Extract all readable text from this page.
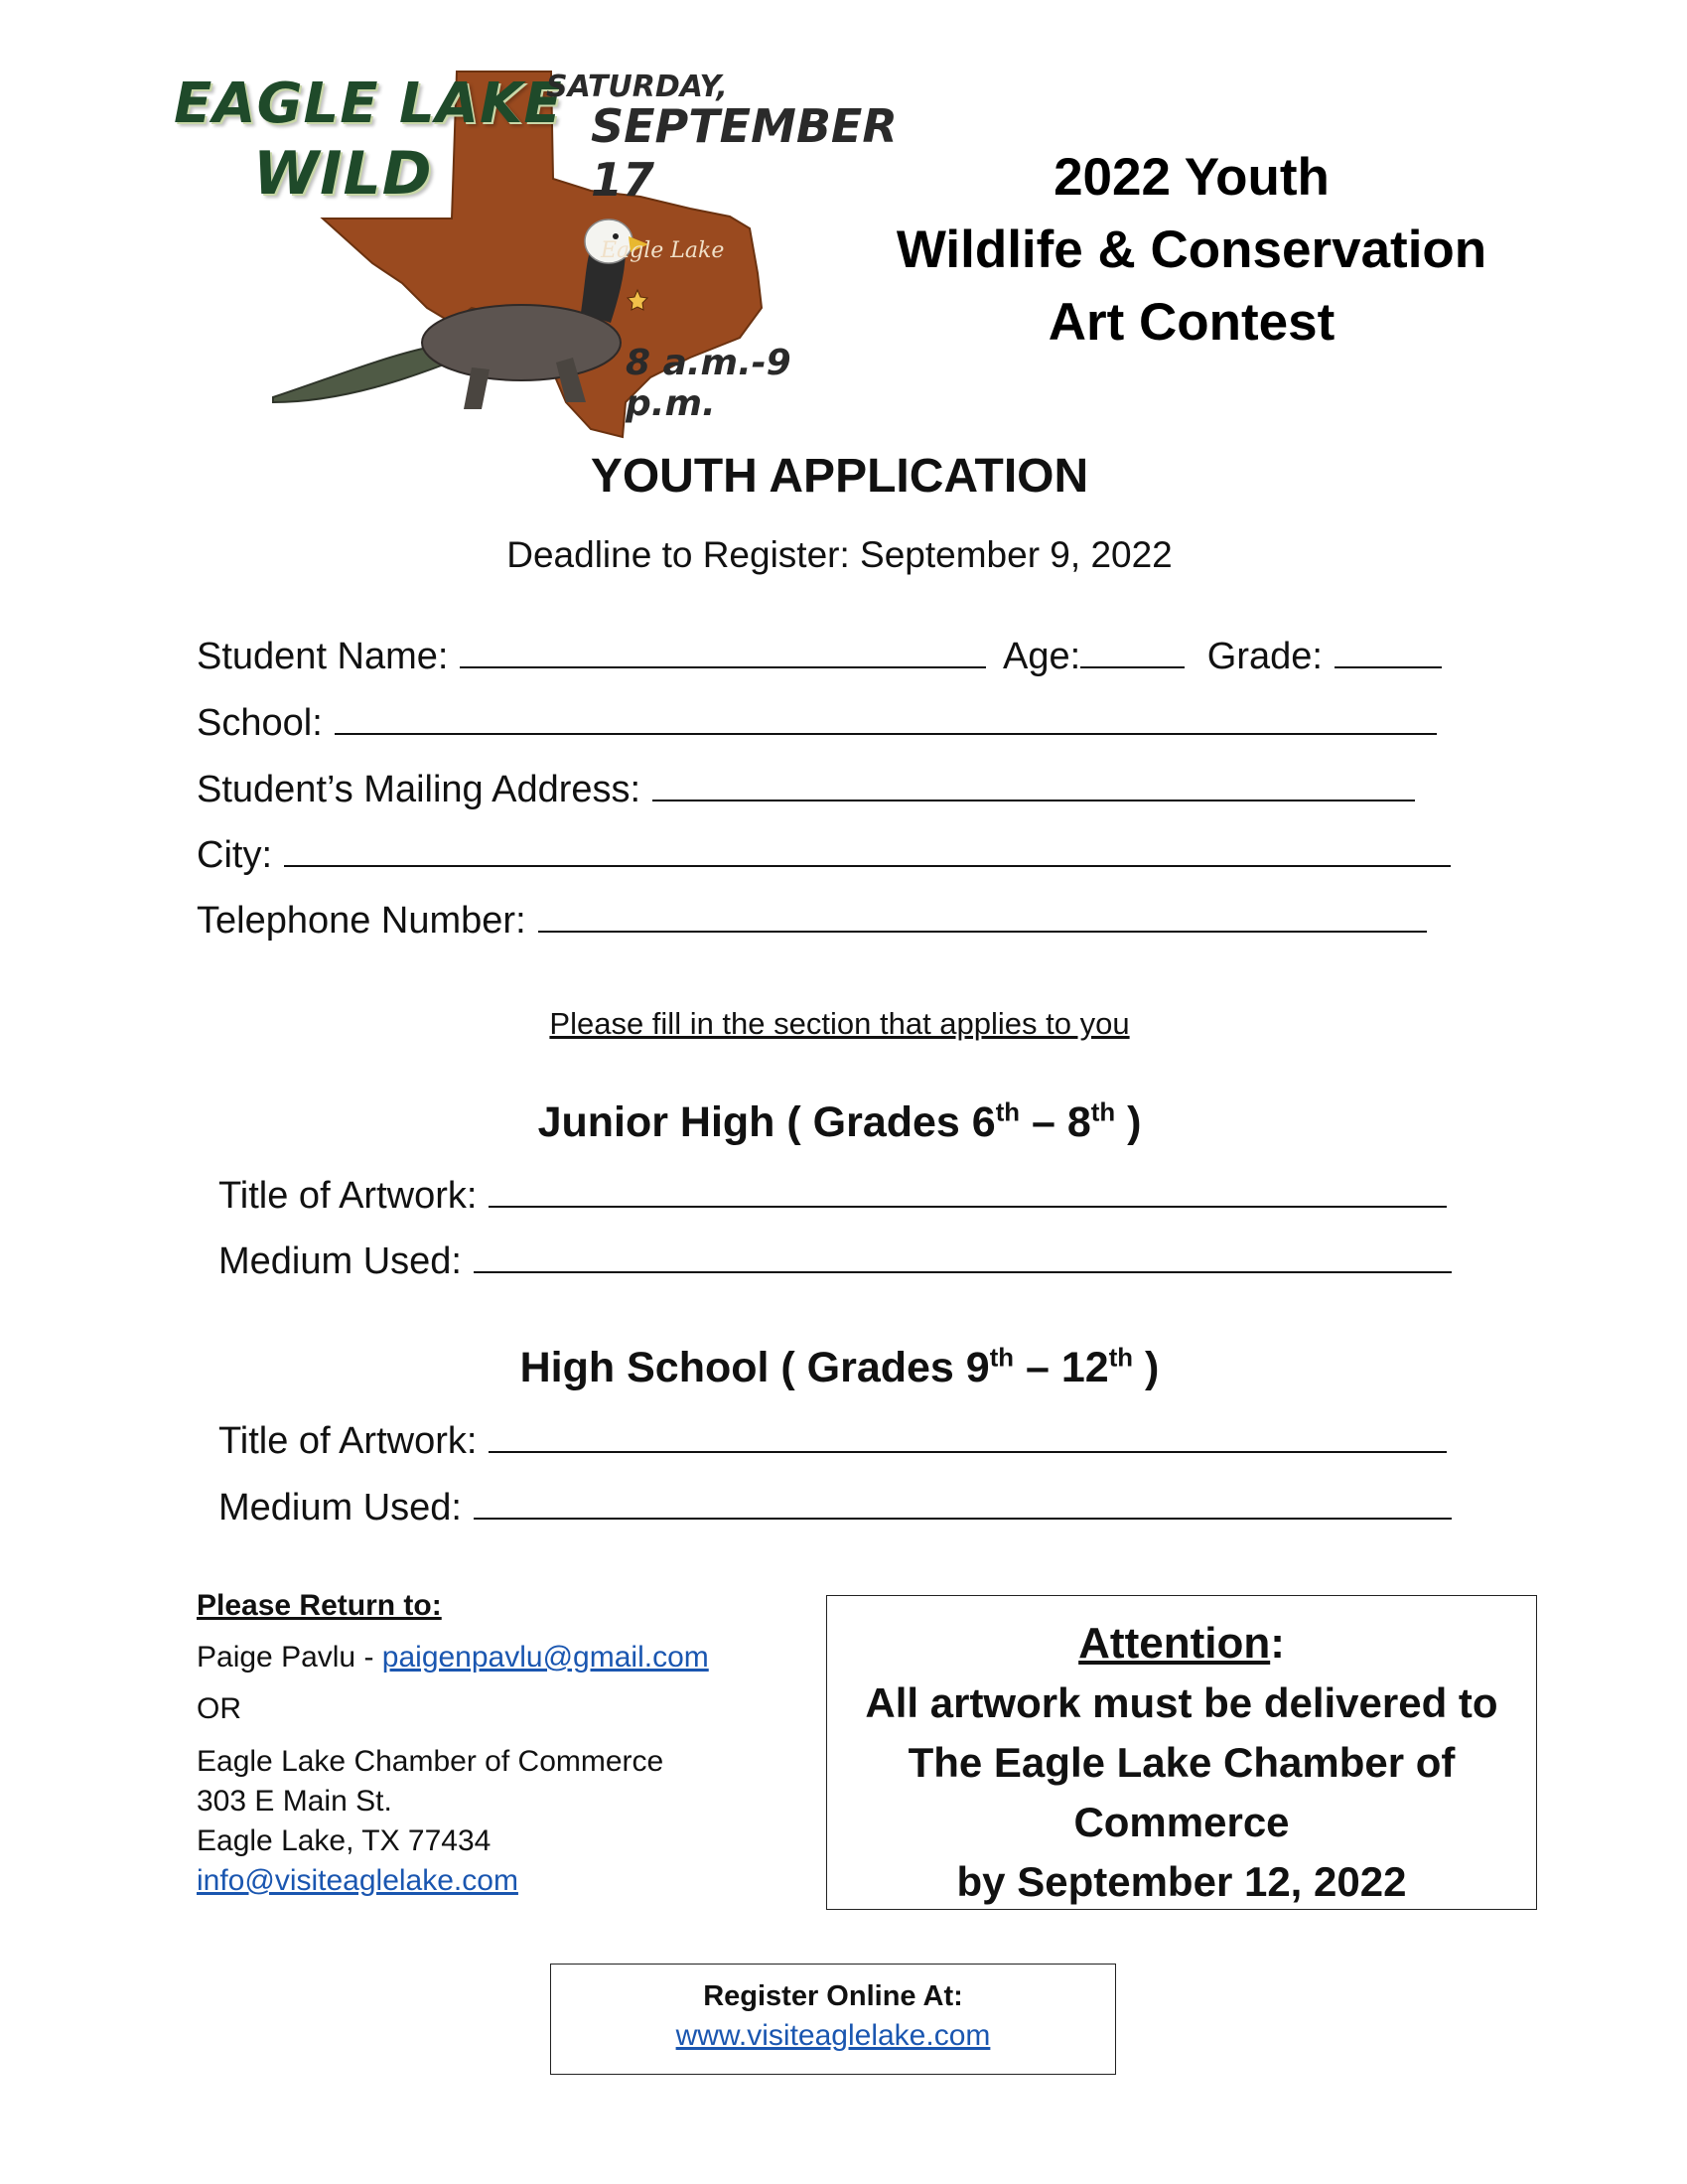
EAGLE LAKE
WILD
SATURDAY,
SEPTEMBER 17
Eagle Lake
8 a.m.-9 p.m.
2022 Youth
Wildlife & Conservation
Art Contest
YOUTH APPLICATION
Deadline to Register: September 9, 2022
Student Name:	Age:	Grade:
School:
Student’s Mailing Address:
City:
Telephone Number:
Please fill in the section that applies to you
Junior High ( Grades 6th – 8th )
Title of Artwork:
Medium Used:
High School ( Grades 9th – 12th )
Title of Artwork:
Medium Used:
Please Return to:
Paige Pavlu - paigenpavlu@gmail.com
OR
Eagle Lake Chamber of Commerce
303 E Main St.
Eagle Lake, TX 77434
info@visiteaglelake.com
Attention:
All artwork must be delivered to
The Eagle Lake Chamber of
Commerce
by September 12, 2022
Register Online At:
www.visiteaglelake.com
